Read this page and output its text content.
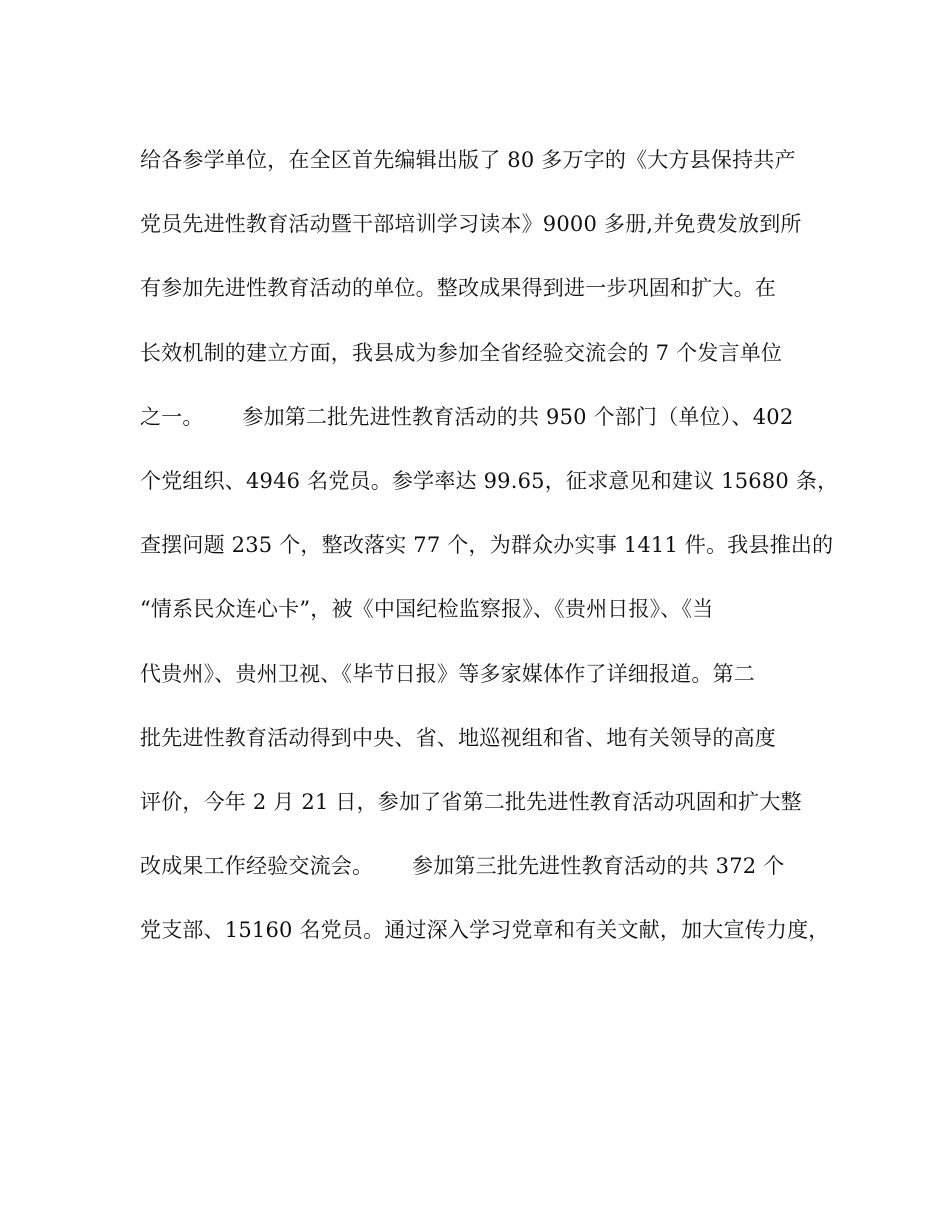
给各参学单位，在全区首先编辑出版了 80 多万字的《大方县保持共产
党员先进性教育活动暨干部培训学习读本》9000 多册,并免费发放到所
有参加先进性教育活动的单位。整改成果得到进一步巩固和扩大。在
长效机制的建立方面，我县成为参加全省经验交流会的 7 个发言单位
之一。　　 参加第二批先进性教育活动的共 950 个部门（单位）、402
个党组织、4946 名党员。参学率达 99.65，征求意见和建议 15680 条，
查摆问题 235 个，整改落实 77 个，为群众办实事 1411 件。我县推出的
“情系民众连心卡”，被《中国纪检监察报》、《贵州日报》、《当
代贵州》、贵州卫视、《毕节日报》等多家媒体作了详细报道。第二
批先进性教育活动得到中央、省、地巡视组和省、地有关领导的高度
评价，今年 2 月 21 日，参加了省第二批先进性教育活动巩固和扩大整
改成果工作经验交流会。　　 参加第三批先进性教育活动的共 372 个
党支部、15160 名党员。通过深入学习党章和有关文献，加大宣传力度，
